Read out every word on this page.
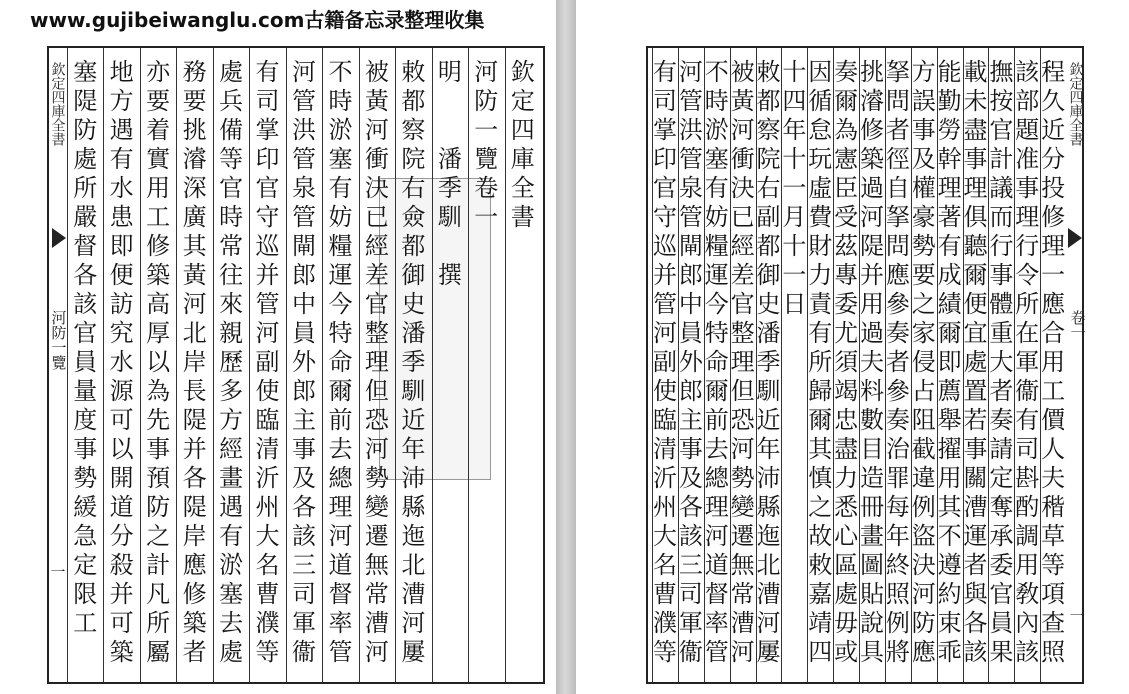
www.gujibeiwanglu.com古籍备忘录整理收集
欽
定
四
庫
全
書
河
防
一
覽
卷
一
明

潘
季
馴

撰
敕
都
察
院
右
僉
都
御
史
潘
季
馴
近
年
沛
縣
迤
北
漕
河
屢
被
黃
河
衝
決
已
經
差
官
整
理
但
恐
河
勢
變
遷
無
常
漕
河
不
時
淤
塞
有
妨
糧
運
今
特
命
爾
前
去
總
理
河
道
督
率
管
河
管
洪
管
泉
管
閘
郎
中
員
外
郎
主
事
及
各
該
三
司
軍
衞
有
司
掌
印
官
守
巡
并
管
河
副
使
臨
清
沂
州
大
名
曹
濮
等
處
兵
備
等
官
時
常
往
來
親
歷
多
方
經
畫
遇
有
淤
塞
去
處
務
要
挑
濬
深
廣
其
黃
河
北
岸
長
隄
并
各
隄
岸
應
修
築
者
亦
要
着
實
用
工
修
築
高
厚
以
為
先
事
預
防
之
計
凡
所
屬
地
方
遇
有
水
患
即
便
訪
究
水
源
可
以
開
道
分
殺
并
可
築
塞
隄
防
處
所
嚴
督
各
該
官
員
量
度
事
勢
緩
急
定
限
工
欽定四庫全書
河防一覽
一
程
久
近
分
投
修
理
一
應
合
用
工
價
人
夫
稭
草
等
項
查
照
該
部
題
准
事
理
行
令
所
在
軍
衞
有
司
斟
酌
調
用
敎
內
該
撫
按
官
計
議
而
行
事
體
重
大
者
奏
請
定
奪
承
委
官
員
果
載
未
盡
事
理
俱
聽
爾
便
宜
處
置
若
事
關
漕
運
者
與
各
該
能
勤
勞
幹
理
著
有
成
績
爾
即
薦
舉
擢
用
其
不
遵
約
束
乖
方
誤
事
及
權
豪
勢
要
之
家
侵
占
阻
截
違
例
盜
決
河
防
應
拏
問
者
徑
自
拏
問
應
參
奏
者
參
奏
治
罪
每
年
終
照
例
將
挑
濬
修
築
過
河
隄
并
用
過
夫
料
數
目
造
冊
畫
圖
貼
說
具
奏
爾
為
憲
臣
受
茲
專
委
尤
須
竭
忠
盡
力
悉
心
區
處
毋
或
因
循
怠
玩
虛
費
財
力
責
有
所
歸
爾
其
慎
之
故
敕
嘉
靖
四
十
四
年
十
一
月
十
一
日
敕
都
察
院
右
副
都
御
史
潘
季
馴
近
年
沛
縣
迤
北
漕
河
屢
被
黃
河
衝
決
已
經
差
官
整
理
但
恐
河
勢
變
遷
無
常
漕
河
不
時
淤
塞
有
妨
糧
運
今
特
命
爾
前
去
總
理
河
道
督
率
管
河
管
洪
管
泉
管
閘
郎
中
員
外
郎
主
事
及
各
該
三
司
軍
衞
有
司
掌
印
官
守
巡
并
管
河
副
使
臨
清
沂
州
大
名
曹
濮
等
欽定四庫全書
卷一
一
